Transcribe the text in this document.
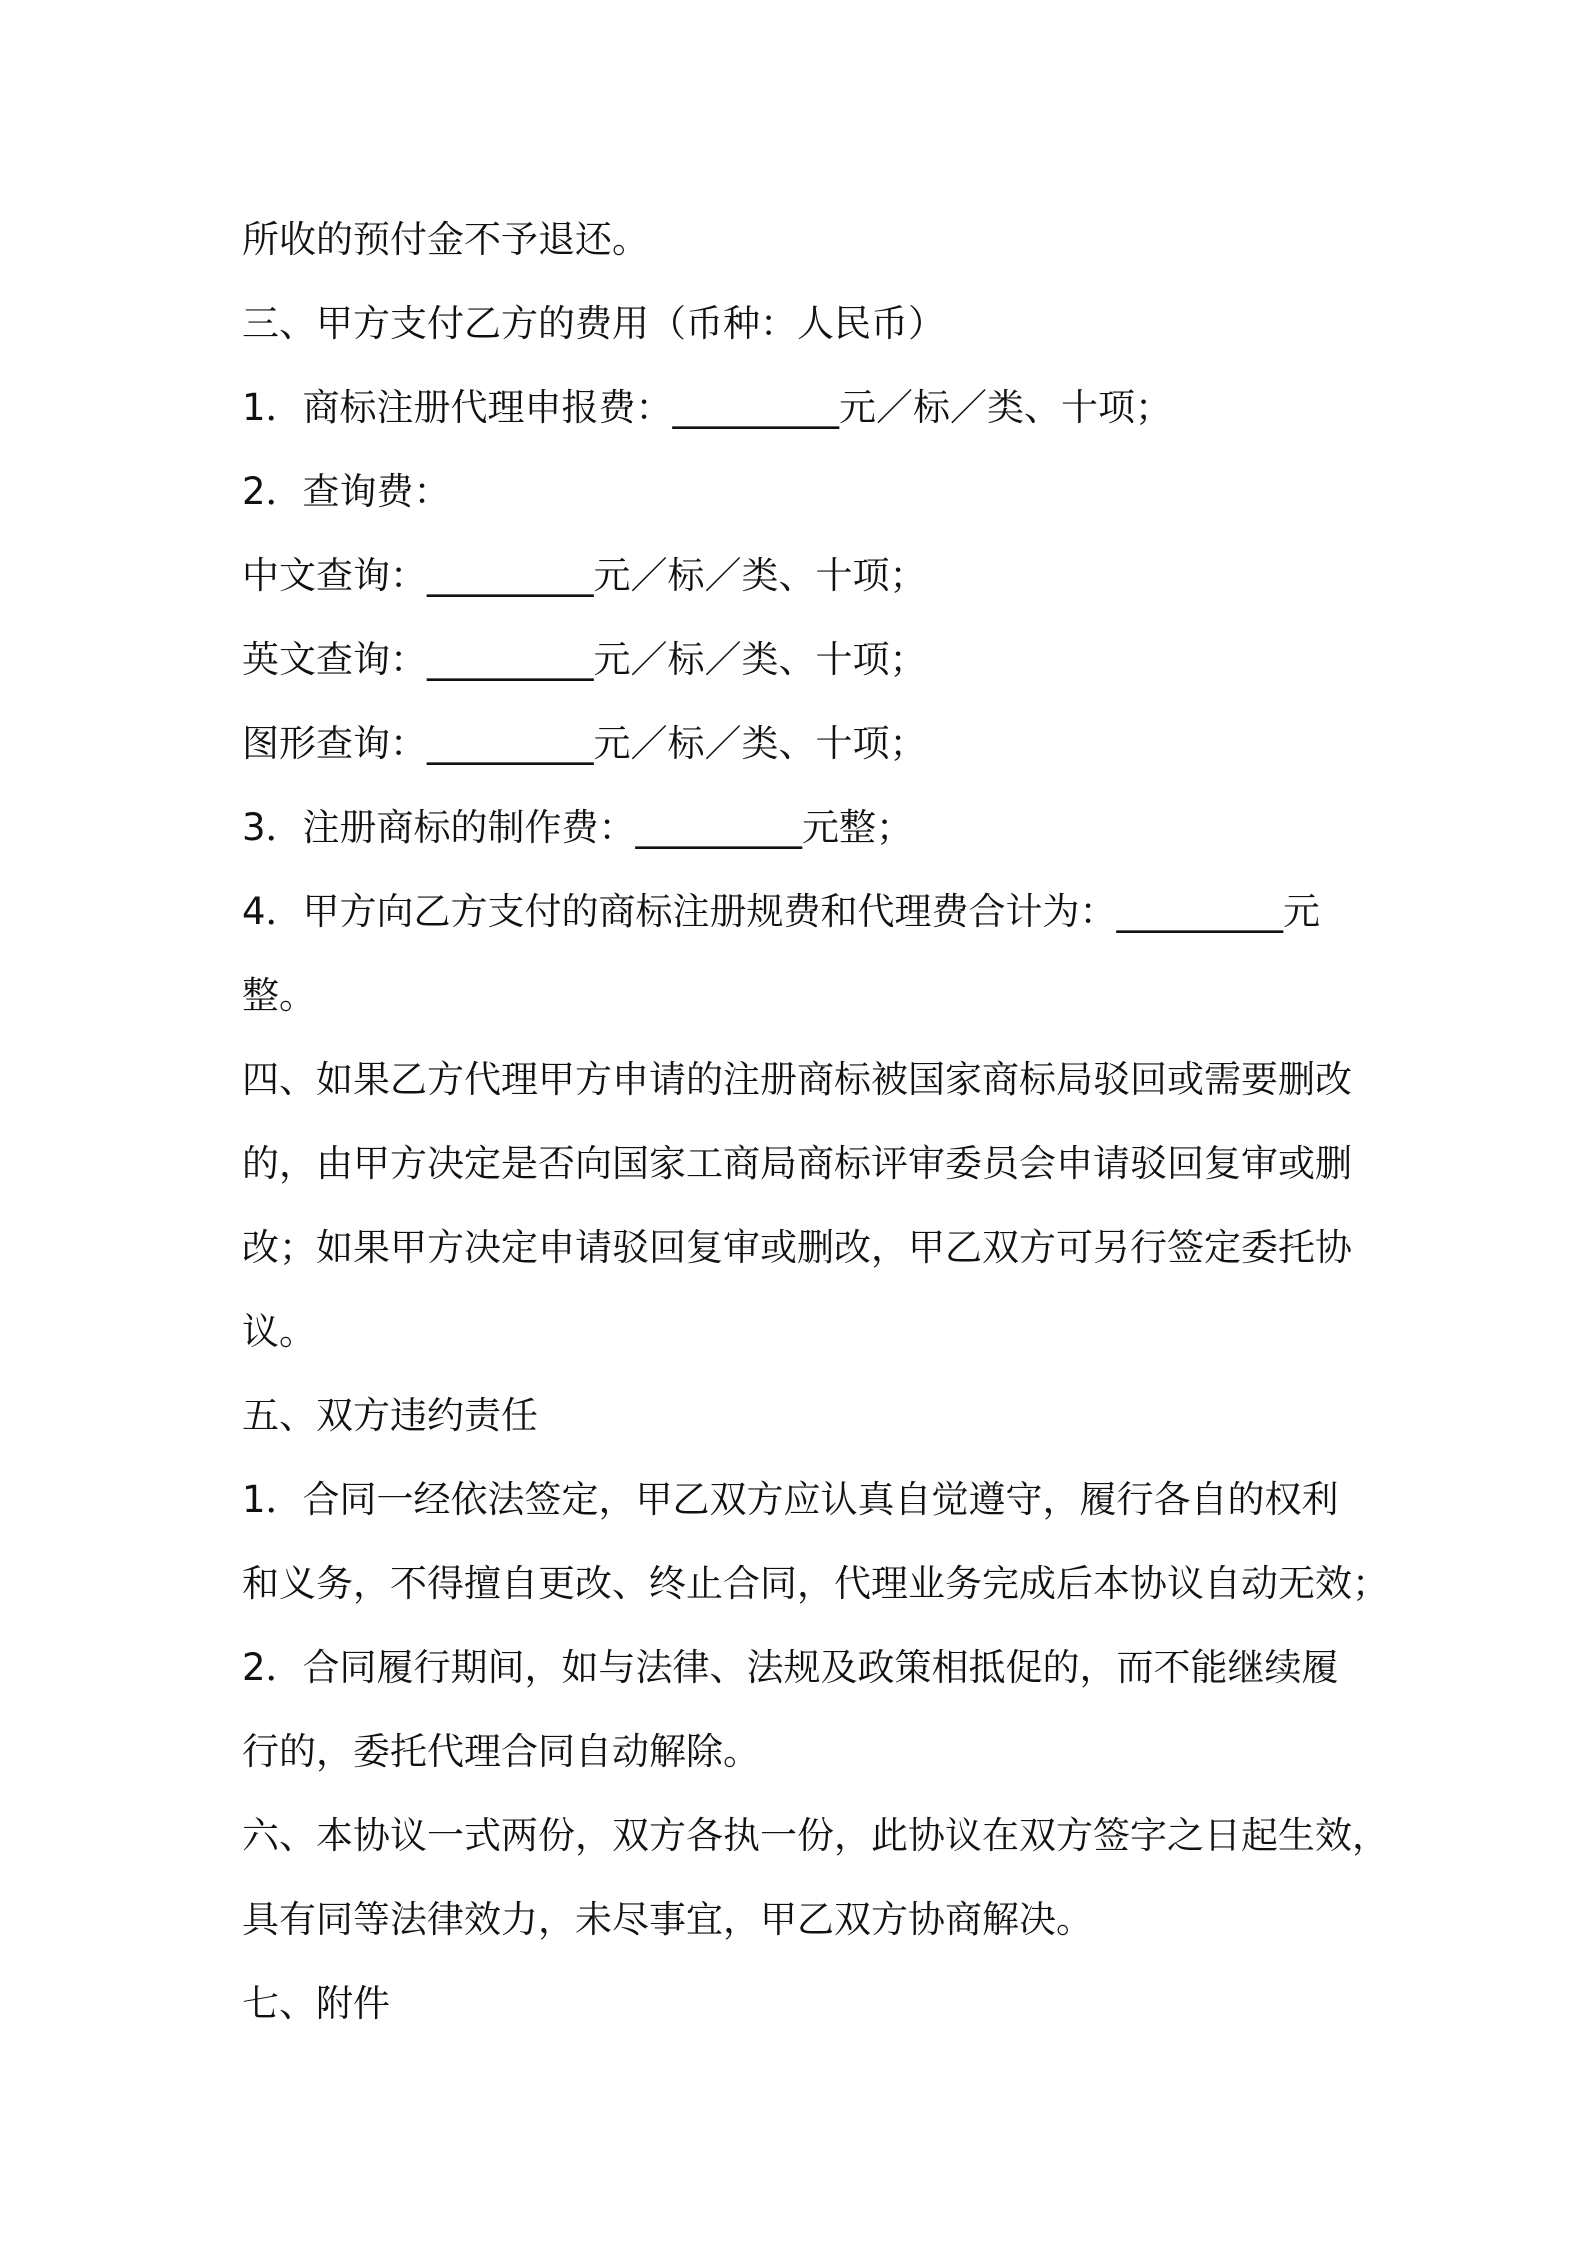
所收的预付金不予退还。
三、甲方支付乙方的费用（币种：人民币）
1．商标注册代理申报费：_________元／标／类、十项；
2．查询费：
中文查询：_________元／标／类、十项；
英文查询：_________元／标／类、十项；
图形查询：_________元／标／类、十项；
3．注册商标的制作费：_________元整；
4．甲方向乙方支付的商标注册规费和代理费合计为：_________元
整。
四、如果乙方代理甲方申请的注册商标被国家商标局驳回或需要删改
的，由甲方决定是否向国家工商局商标评审委员会申请驳回复审或删
改；如果甲方决定申请驳回复审或删改，甲乙双方可另行签定委托协
议。
五、双方违约责任
1．合同一经依法签定，甲乙双方应认真自觉遵守，履行各自的权利
和义务，不得擅自更改、终止合同，代理业务完成后本协议自动无效；
2．合同履行期间，如与法律、法规及政策相抵促的，而不能继续履
行的，委托代理合同自动解除。
六、本协议一式两份，双方各执一份，此协议在双方签字之日起生效，
具有同等法律效力，未尽事宜，甲乙双方协商解决。
七、附件
